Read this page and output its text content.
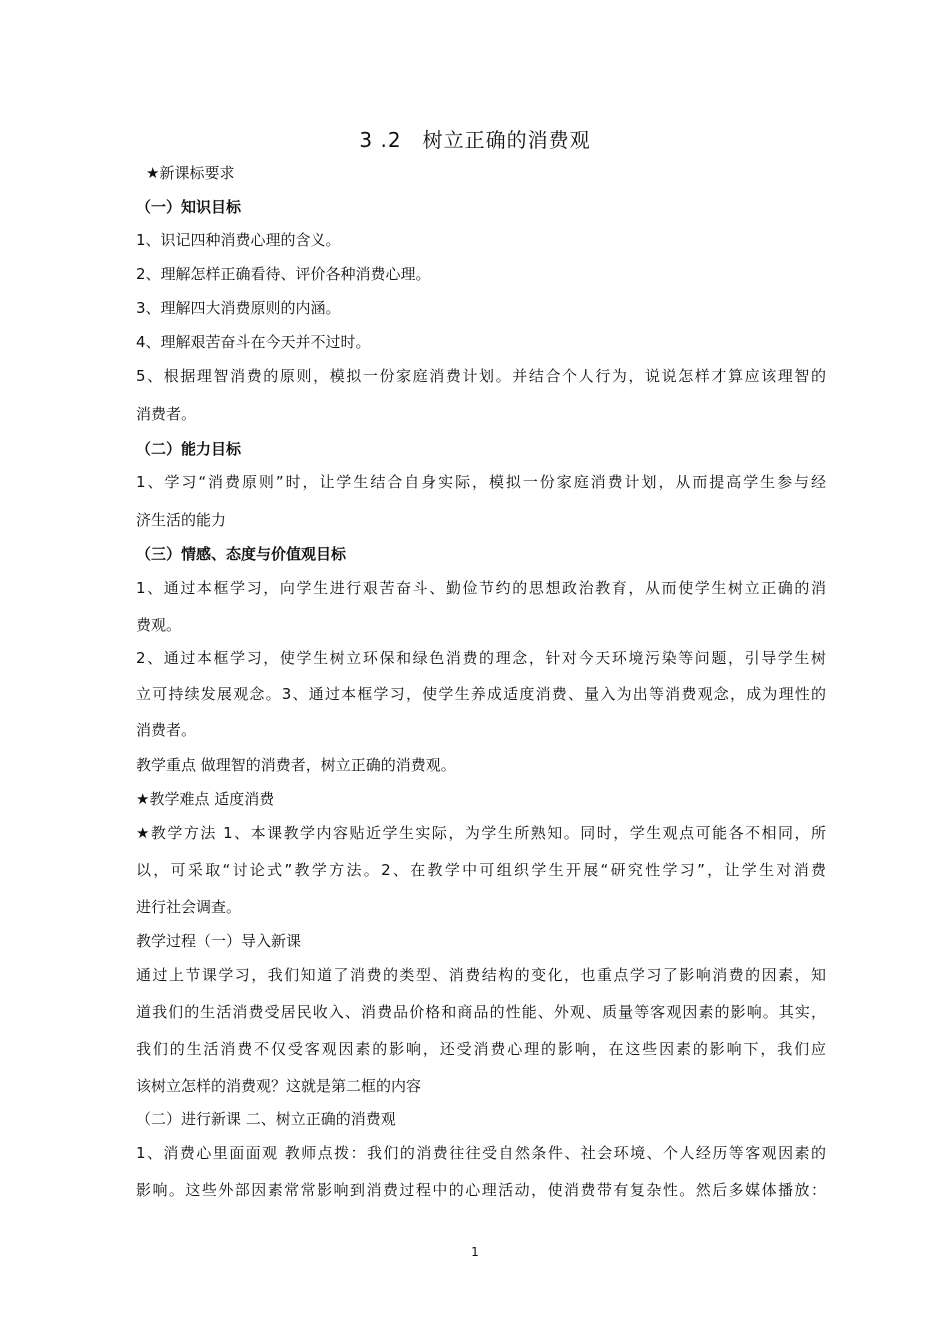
3 .2　树立正确的消费观
★新课标要求
（一）知识目标
1、识记四种消费心理的含义。
2、理解怎样正确看待、评价各种消费心理。
3、理解四大消费原则的内涵。
4、理解艰苦奋斗在今天并不过时。
5、根据理智消费的原则，模拟一份家庭消费计划。并结合个人行为，说说怎样才算应该理智的
消费者。
（二）能力目标
1、学习“消费原则”时，让学生结合自身实际，模拟一份家庭消费计划，从而提高学生参与经
济生活的能力
（三）情感、态度与价值观目标
1、通过本框学习，向学生进行艰苦奋斗、勤俭节约的思想政治教育，从而使学生树立正确的消
费观。
2、通过本框学习，使学生树立环保和绿色消费的理念，针对今天环境污染等问题，引导学生树
立可持续发展观念。3、通过本框学习，使学生养成适度消费、量入为出等消费观念，成为理性的
消费者。
教学重点 做理智的消费者，树立正确的消费观。
★教学难点 适度消费
★教学方法 1、本课教学内容贴近学生实际，为学生所熟知。同时，学生观点可能各不相同，所
以，可采取“讨论式”教学方法。2、在教学中可组织学生开展“研究性学习”，让学生对消费
进行社会调查。
教学过程（一）导入新课
通过上节课学习，我们知道了消费的类型、消费结构的变化，也重点学习了影响消费的因素，知
道我们的生活消费受居民收入、消费品价格和商品的性能、外观、质量等客观因素的影响。其实，
我们的生活消费不仅受客观因素的影响，还受消费心理的影响，在这些因素的影响下，我们应
该树立怎样的消费观？这就是第二框的内容
（二）进行新课 二、树立正确的消费观
1、消费心里面面观 教师点拨：我们的消费往往受自然条件、社会环境、个人经历等客观因素的
影响。这些外部因素常常影响到消费过程中的心理活动，使消费带有复杂性。然后多媒体播放：
1
